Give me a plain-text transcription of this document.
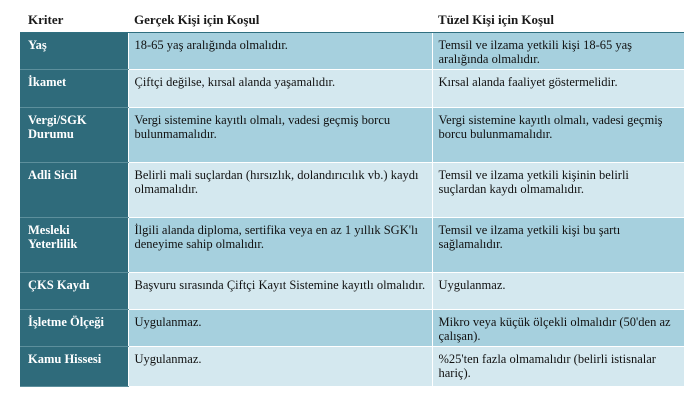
Kriter	Gerçek Kişi için Koşul	Tüzel Kişi için Koşul
Yaş	18-65 yaş aralığında olmalıdır.	Temsil ve ilzama yetkili kişi 18-65 yaş aralığında olmalıdır.
İkamet	Çiftçi değilse, kırsal alanda yaşamalıdır.	Kırsal alanda faaliyet göstermelidir.
Vergi/SGK Durumu	Vergi sistemine kayıtlı olmalı, vadesi geçmiş borcu bulunmamalıdır.	Vergi sistemine kayıtlı olmalı, vadesi geçmiş borcu bulunmamalıdır.
Adli Sicil	Belirli mali suçlardan (hırsızlık, dolandırıcılık vb.) kaydı olmamalıdır.	Temsil ve ilzama yetkili kişinin belirli suçlardan kaydı olmamalıdır.
Mesleki Yeterlilik	İlgili alanda diploma, sertifika veya en az 1 yıllık SGK'lı deneyime sahip olmalıdır.	Temsil ve ilzama yetkili kişi bu şartı sağlamalıdır.
ÇKS Kaydı	Başvuru sırasında Çiftçi Kayıt Sistemine kayıtlı olmalıdır.	Uygulanmaz.
İşletme Ölçeği	Uygulanmaz.	Mikro veya küçük ölçekli olmalıdır (50'den az çalışan).
Kamu Hissesi	Uygulanmaz.	%25'ten fazla olmamalıdır (belirli istisnalar hariç).
